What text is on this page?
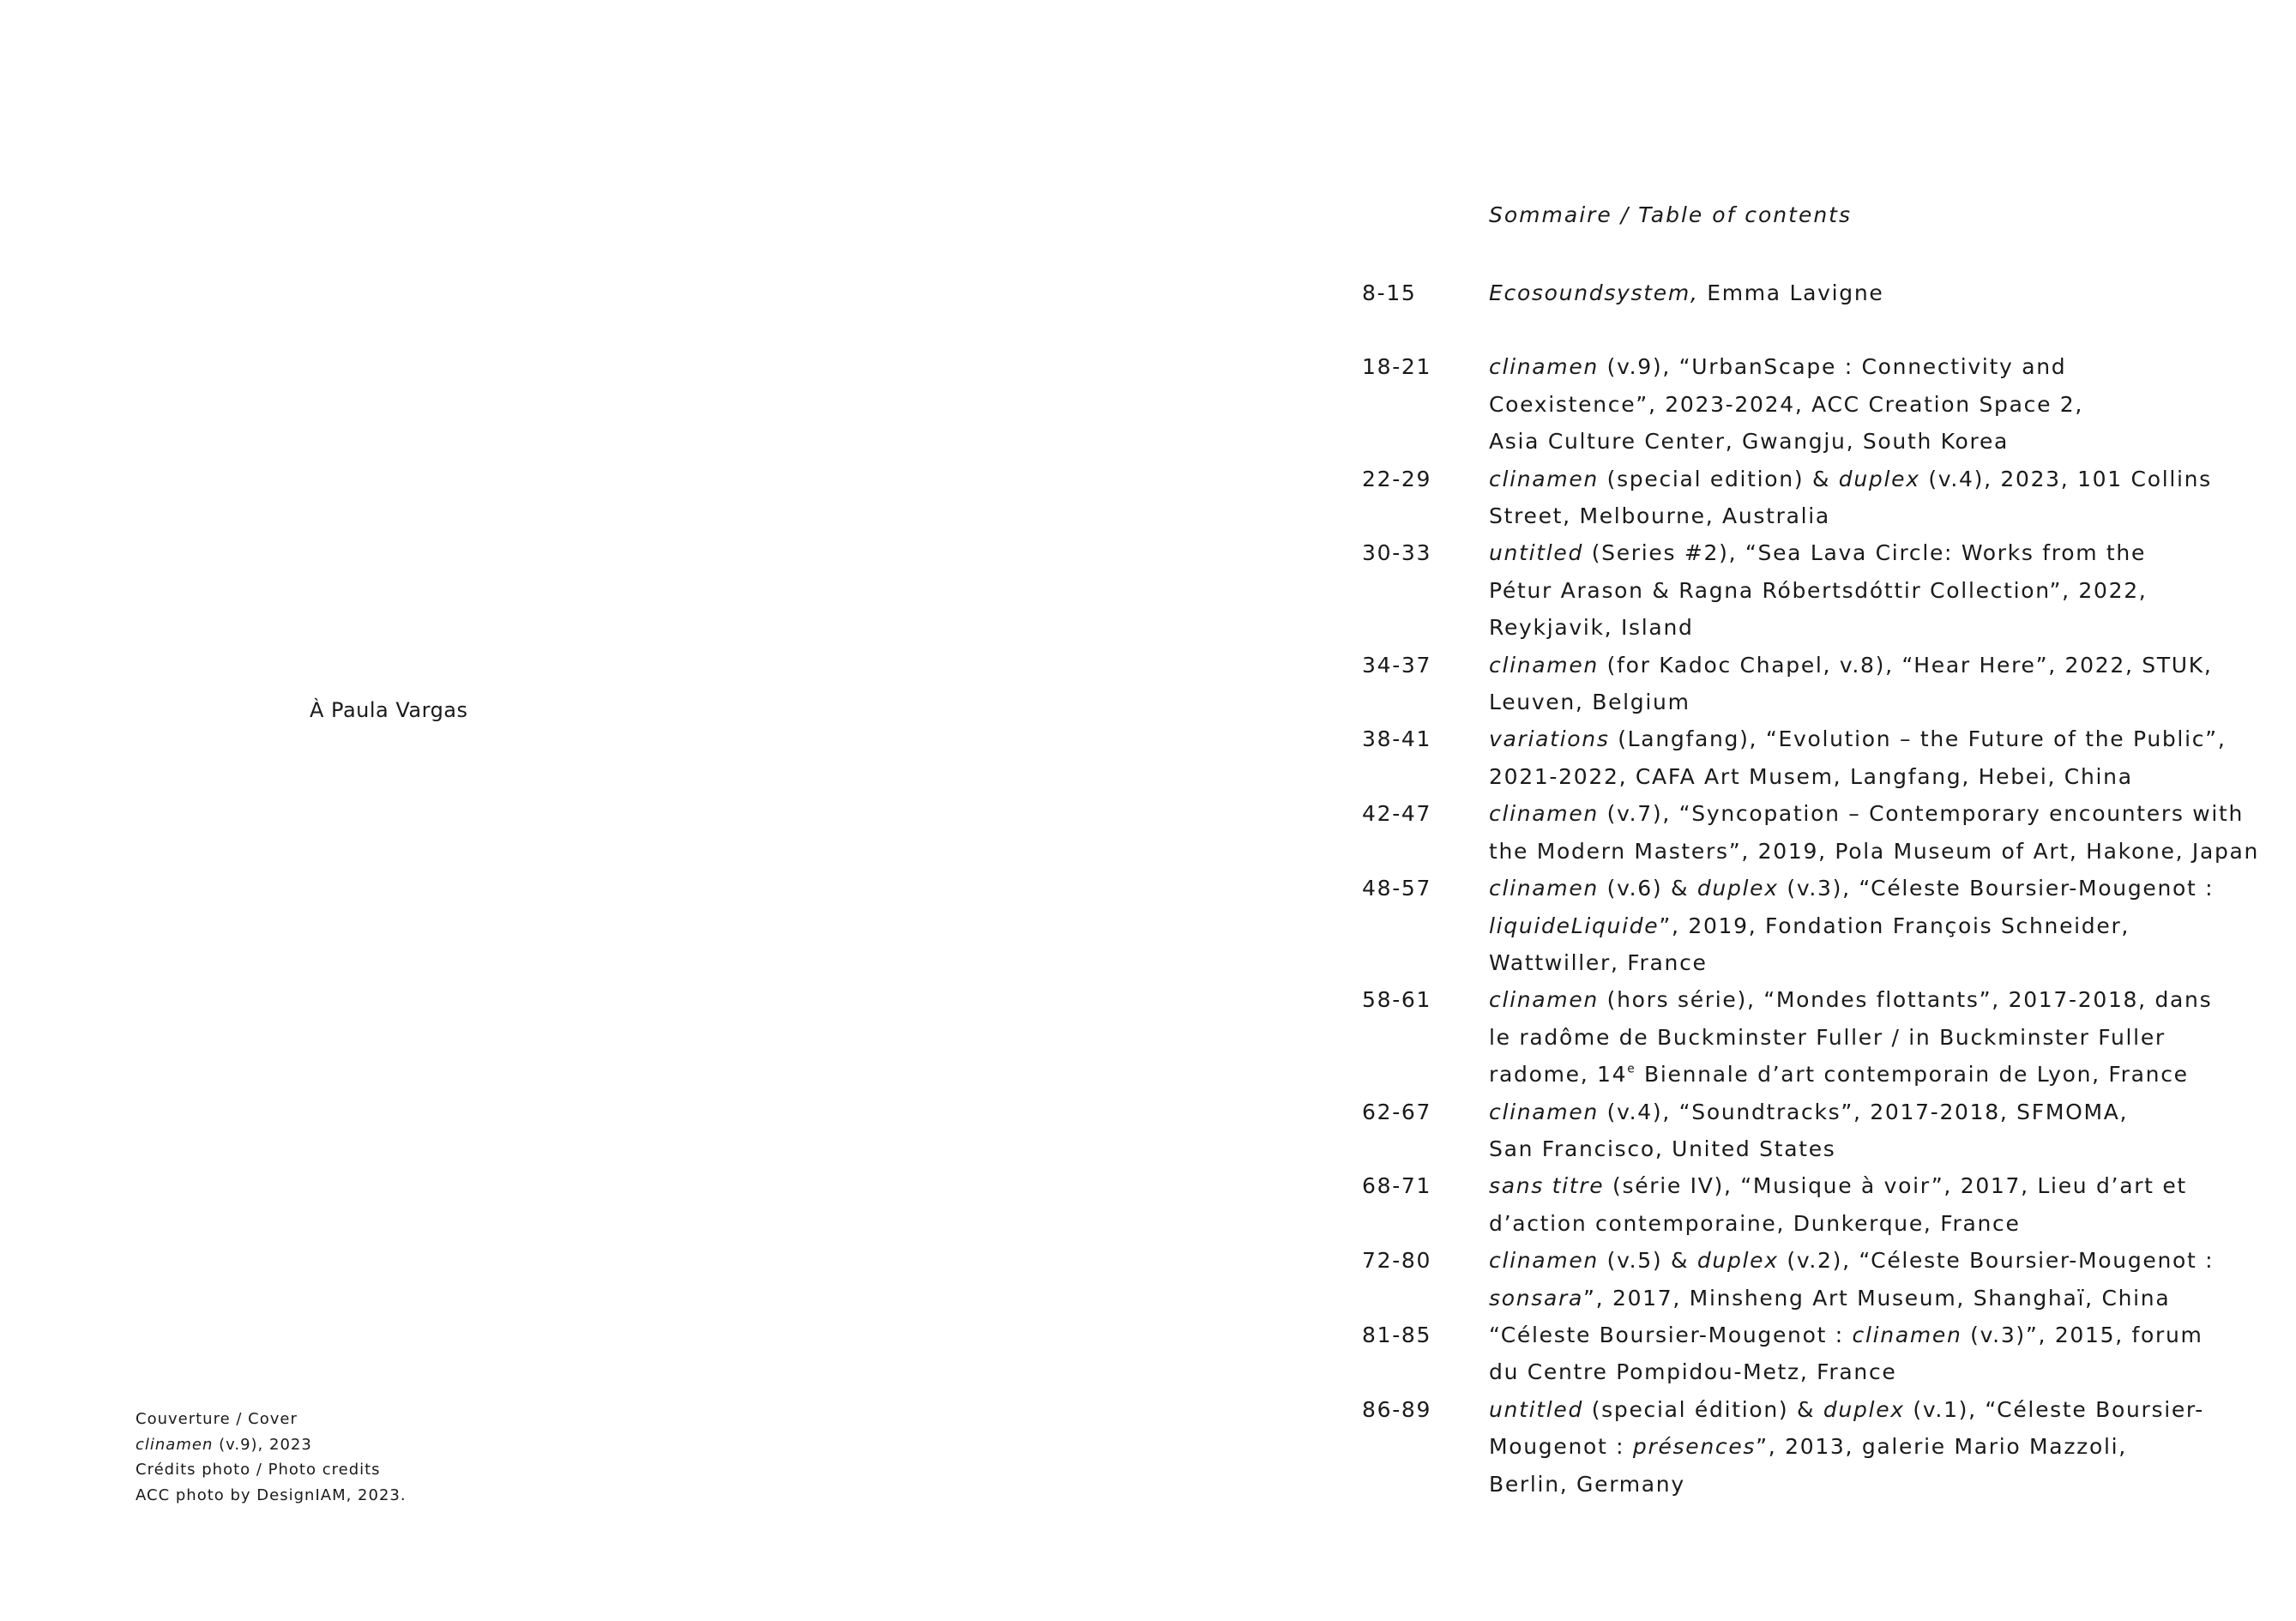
À Paula Vargas
Couverture / Cover
clinamen (v.9), 2023
Crédits photo / Photo credits
ACC photo by DesignIAM, 2023.
Sommaire / Table of contents
8-15	Ecosoundsystem, Emma Lavigne
18-21	clinamen (v.9), “UrbanScape : Connectivity and
Coexistence”, 2023-2024, ACC Creation Space 2,
Asia Culture Center, Gwangju, South Korea
22-29	clinamen (special edition) & duplex (v.4), 2023, 101 Collins
Street, Melbourne, Australia
30-33	untitled (Series #2), “Sea Lava Circle: Works from the
Pétur Arason & Ragna Róbertsdóttir Collection”, 2022,
Reykjavik, Island
34-37	clinamen (for Kadoc Chapel, v.8), “Hear Here”, 2022, STUK,
Leuven, Belgium
38-41	variations (Langfang), “Evolution – the Future of the Public”,
2021-2022, CAFA Art Musem, Langfang, Hebei, China
42-47	clinamen (v.7), “Syncopation – Contemporary encounters with
the Modern Masters”, 2019, Pola Museum of Art, Hakone, Japan
48-57	clinamen (v.6) & duplex (v.3), “Céleste Boursier-Mougenot :
liquideLiquide”, 2019, Fondation François Schneider,
Wattwiller, France
58-61	clinamen (hors série), “Mondes flottants”, 2017-2018, dans
le radôme de Buckminster Fuller / in Buckminster Fuller
radome, 14e Biennale d’art contemporain de Lyon, France
62-67	clinamen (v.4), “Soundtracks”, 2017-2018, SFMOMA,
San Francisco, United States
68-71	sans titre (série IV), “Musique à voir”, 2017, Lieu d’art et
d’action contemporaine, Dunkerque, France
72-80	clinamen (v.5) & duplex (v.2), “Céleste Boursier-Mougenot :
sonsara”, 2017, Minsheng Art Museum, Shanghaï, China
81-85	“Céleste Boursier-Mougenot : clinamen (v.3)”, 2015, forum
du Centre Pompidou-Metz, France
86-89	untitled (special édition) & duplex (v.1), “Céleste Boursier-
Mougenot : présences”, 2013, galerie Mario Mazzoli,
Berlin, Germany
